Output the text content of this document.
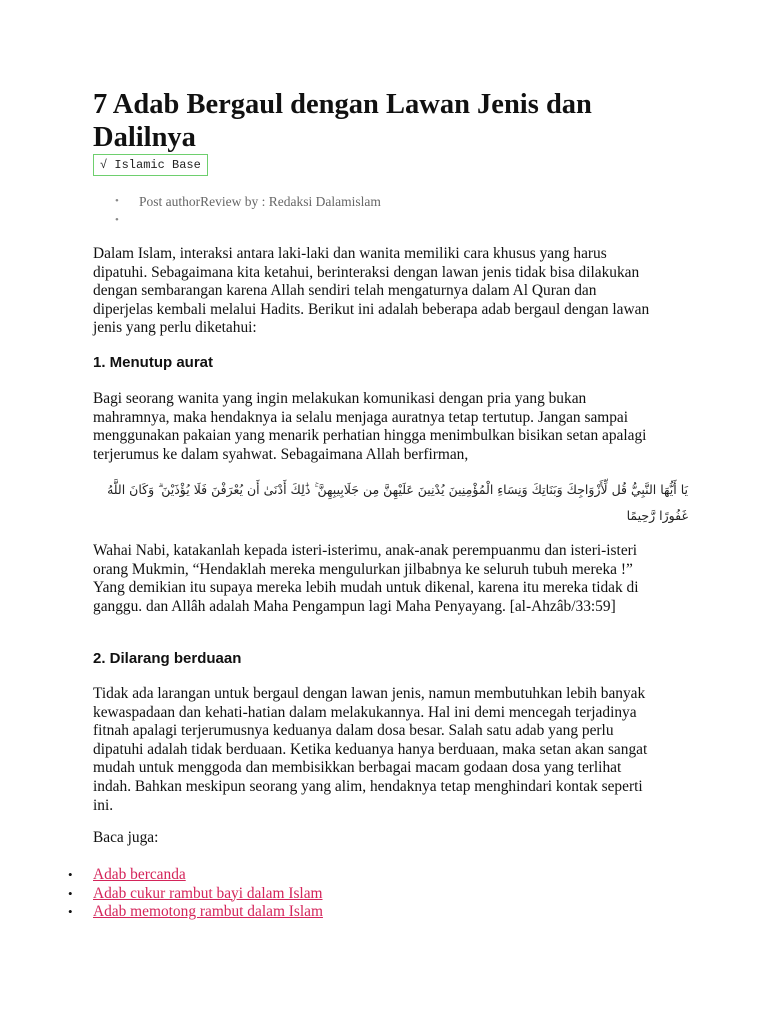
7 Adab Bergaul dengan Lawan Jenis dan Dalilnya
√ Islamic Base
• Post authorReview by : Redaksi Dalamislam
•

Dalam Islam, interaksi antara laki-laki dan wanita memiliki cara khusus yang harus dipatuhi. Sebagaimana kita ketahui, berinteraksi dengan lawan jenis tidak bisa dilakukan dengan sembarangan karena Allah sendiri telah mengaturnya dalam Al Quran dan diperjelas kembali melalui Hadits. Berikut ini adalah beberapa adab bergaul dengan lawan jenis yang perlu diketahui:

1. Menutup aurat

Bagi seorang wanita yang ingin melakukan komunikasi dengan pria yang bukan mahramnya, maka hendaknya ia selalu menjaga auratnya tetap tertutup. Jangan sampai menggunakan pakaian yang menarik perhatian hingga menimbulkan bisikan setan apalagi terjerumus ke dalam syahwat. Sebagaimana Allah berfirman,

يَا أَيُّهَا النَّبِيُّ قُل لِّأَزْوَاجِكَ وَبَنَاتِكَ وَنِسَاءِ الْمُؤْمِنِينَ يُدْنِينَ عَلَيْهِنَّ مِن جَلَابِيبِهِنَّ ۚ ذَٰلِكَ أَدْنَىٰ أَن يُعْرَفْنَ فَلَا يُؤْذَيْنَ ۗ وَكَانَ اللَّهُ غَفُورًا رَّحِيمًا

Wahai Nabi, katakanlah kepada isteri-isterimu, anak-anak perempuanmu dan isteri-isteri orang Mukmin, “Hendaklah mereka mengulurkan jilbabnya ke seluruh tubuh mereka !” Yang demikian itu supaya mereka lebih mudah untuk dikenal, karena itu mereka tidak di ganggu. dan Allâh adalah Maha Pengampun lagi Maha Penyayang. [al-Ahzâb/33:59]

2. Dilarang berduaan

Tidak ada larangan untuk bergaul dengan lawan jenis, namun membutuhkan lebih banyak kewaspadaan dan kehati-hatian dalam melakukannya. Hal ini demi mencegah terjadinya fitnah apalagi terjerumusnya keduanya dalam dosa besar. Salah satu adab yang perlu dipatuhi adalah tidak berduaan. Ketika keduanya hanya berduaan, maka setan akan sangat mudah untuk menggoda dan membisikkan berbagai macam godaan dosa yang terlihat indah. Bahkan meskipun seorang yang alim, hendaknya tetap menghindari kontak seperti ini.

Baca juga:

• Adab bercanda
• Adab cukur rambut bayi dalam Islam
• Adab memotong rambut dalam Islam
